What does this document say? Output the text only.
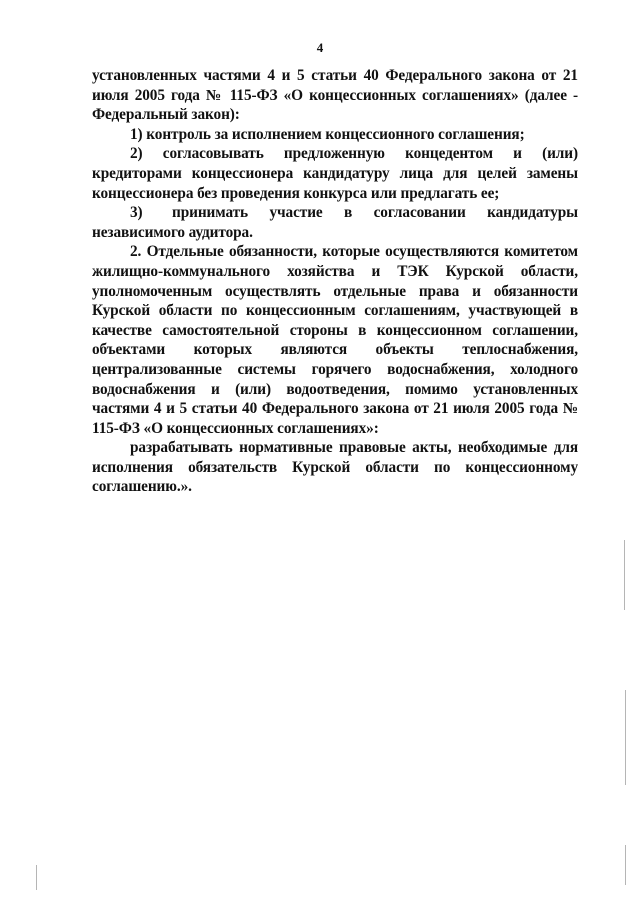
4

установленных частями 4 и 5 статьи 40 Федерального закона от 21 июля 2005 года № 115-ФЗ «О концессионных соглашениях» (далее - Федеральный закон):

1) контроль за исполнением концессионного соглашения;

2) согласовывать предложенную концедентом и (или) кредиторами концессионера кандидатуру лица для целей замены концессионера без проведения конкурса или предлагать ее;

3) принимать участие в согласовании кандидатуры независимого аудитора.

2. Отдельные обязанности, которые осуществляются комитетом жилищно-коммунального хозяйства и ТЭК Курской области, уполномоченным осуществлять отдельные права и обязанности Курской области по концессионным соглашениям, участвующей в качестве самостоятельной стороны в концессионном соглашении, объектами которых являются объекты теплоснабжения, централизованные системы горячего водоснабжения, холодного водоснабжения и (или) водоотведения, помимо установленных частями 4 и 5 статьи 40 Федерального закона от 21 июля 2005 года № 115-ФЗ «О концессионных соглашениях»:

разрабатывать нормативные правовые акты, необходимые для исполнения обязательств Курской области по концессионному соглашению.».
